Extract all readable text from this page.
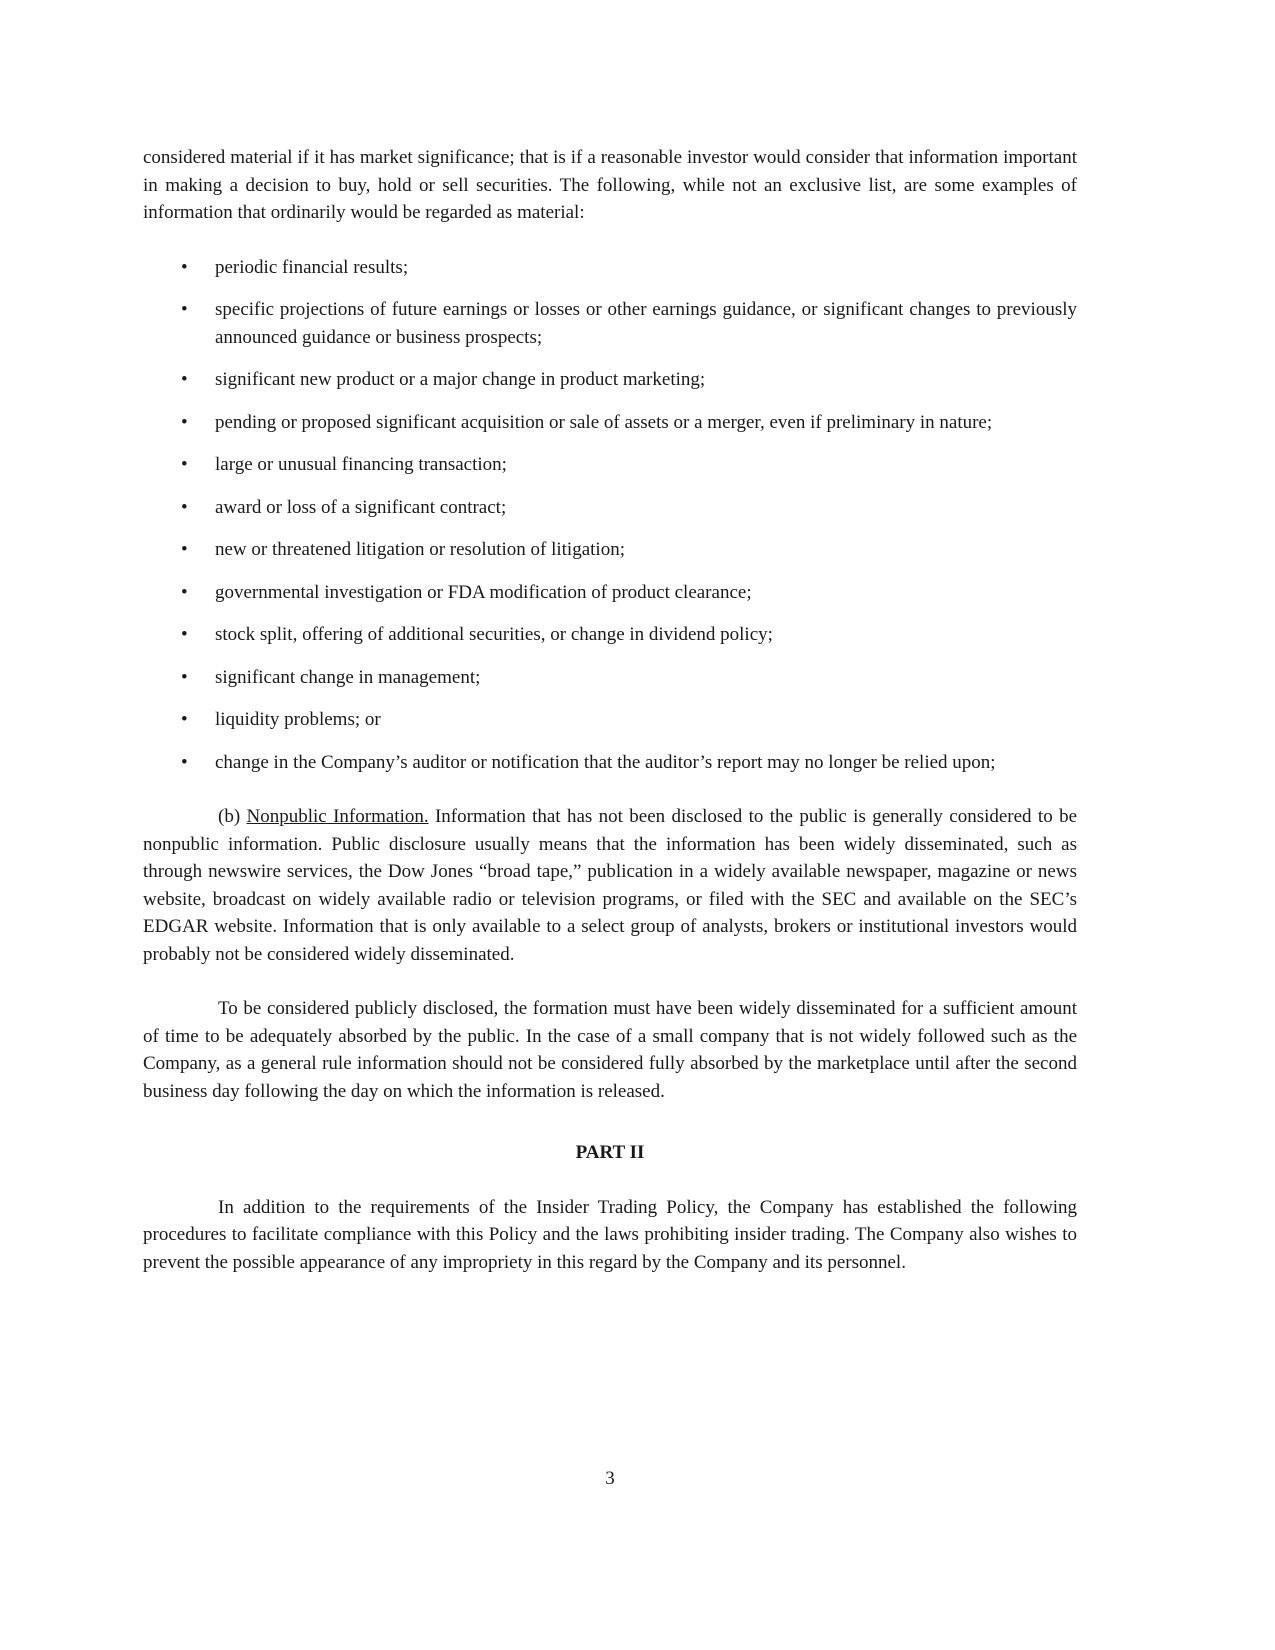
considered material if it has market significance; that is if a reasonable investor would consider that information important in making a decision to buy, hold or sell securities. The following, while not an exclusive list, are some examples of information that ordinarily would be regarded as material:

• periodic financial results;
• specific projections of future earnings or losses or other earnings guidance, or significant changes to previously announced guidance or business prospects;
• significant new product or a major change in product marketing;
• pending or proposed significant acquisition or sale of assets or a merger, even if preliminary in nature;
• large or unusual financing transaction;
• award or loss of a significant contract;
• new or threatened litigation or resolution of litigation;
• governmental investigation or FDA modification of product clearance;
• stock split, offering of additional securities, or change in dividend policy;
• significant change in management;
• liquidity problems; or
• change in the Company’s auditor or notification that the auditor’s report may no longer be relied upon;

(b) Nonpublic Information. Information that has not been disclosed to the public is generally considered to be nonpublic information. Public disclosure usually means that the information has been widely disseminated, such as through newswire services, the Dow Jones “broad tape,” publication in a widely available newspaper, magazine or news website, broadcast on widely available radio or television programs, or filed with the SEC and available on the SEC’s EDGAR website. Information that is only available to a select group of analysts, brokers or institutional investors would probably not be considered widely disseminated.

To be considered publicly disclosed, the formation must have been widely disseminated for a sufficient amount of time to be adequately absorbed by the public. In the case of a small company that is not widely followed such as the Company, as a general rule information should not be considered fully absorbed by the marketplace until after the second business day following the day on which the information is released.

PART II

In addition to the requirements of the Insider Trading Policy, the Company has established the following procedures to facilitate compliance with this Policy and the laws prohibiting insider trading. The Company also wishes to prevent the possible appearance of any impropriety in this regard by the Company and its personnel.

3
